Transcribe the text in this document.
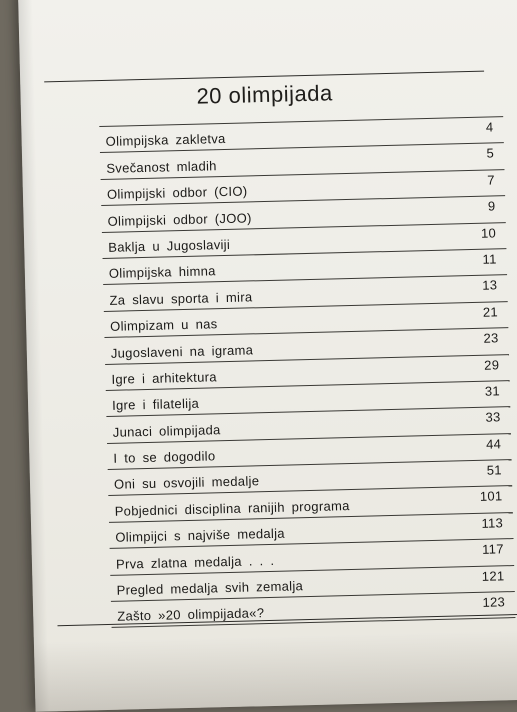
20 olimpijada
Olimpijska zakletva
4
Svečanost mladih
5
Olimpijski odbor (CIO)
7
Olimpijski odbor (JOO)
9
Baklja u Jugoslaviji
10
Olimpijska himna
11
Za slavu sporta i mira
13
Olimpizam u nas
21
Jugoslaveni na igrama
23
Igre i arhitektura
29
Igre i filatelija
31
Junaci olimpijada
33
I to se dogodilo
44
Oni su osvojili medalje
51
Pobjednici disciplina ranijih programa
101
Olimpijci s najviše medalja
113
Prva zlatna medalja . . .
117
Pregled medalja svih zemalja
121
Zašto »20 olimpijada«?
123
